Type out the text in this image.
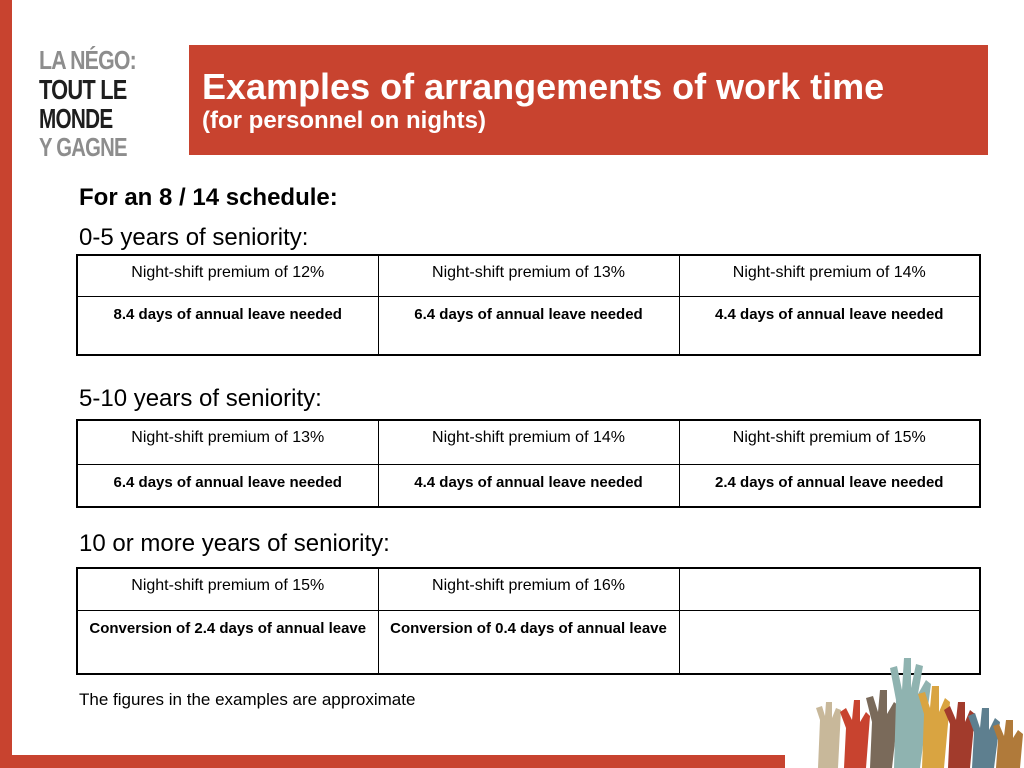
LA NÉGO:
TOUT LE
MONDE
Y GAGNE
Examples of arrangements of work time
(for personnel on nights)
For an 8 / 14 schedule:
0-5 years of seniority:
Night-shift premium of 12%	Night-shift premium of 13%	Night-shift premium of 14%
8.4 days of annual leave needed	6.4 days of annual leave needed	4.4 days of annual leave needed
5-10 years of seniority:
Night-shift premium of 13%	Night-shift premium of 14%	Night-shift premium of 15%
6.4 days of annual leave needed	4.4 days of annual leave needed	2.4 days of annual leave needed
10 or more years of seniority:
Night-shift premium of 15%	Night-shift premium of 16%	
Conversion of 2.4 days of annual leave	Conversion of 0.4 days of annual leave	
The figures in the examples are approximate
